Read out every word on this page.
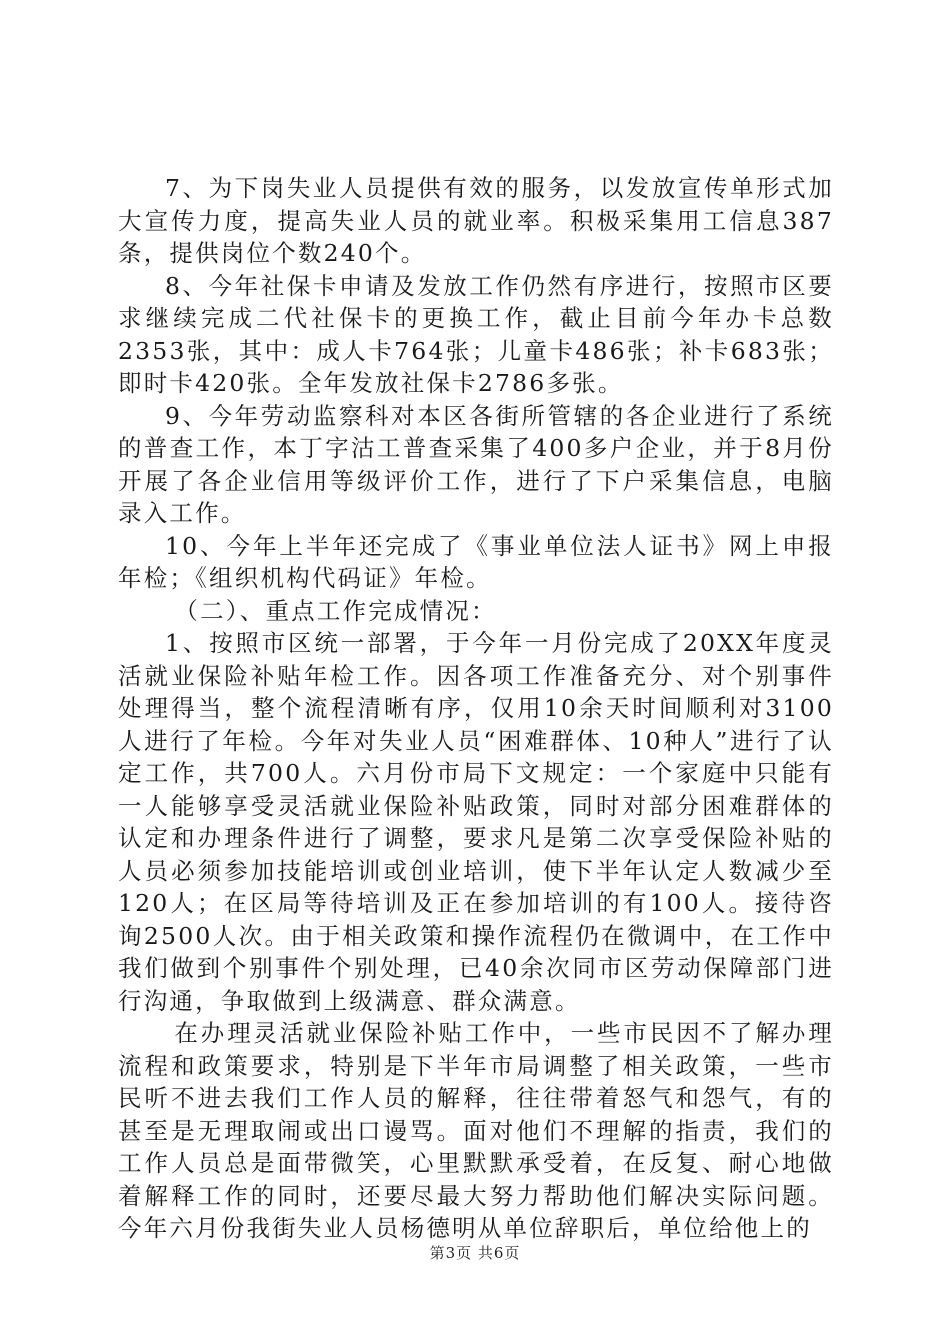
7、为下岗失业人员提供有效的服务，以发放宣传单形式加大宣传力度，提高失业人员的就业率。积极采集用工信息387条，提供岗位个数240个。

8、今年社保卡申请及发放工作仍然有序进行，按照市区要求继续完成二代社保卡的更换工作，截止目前今年办卡总数2353张，其中：成人卡764张；儿童卡486张；补卡683张；即时卡420张。全年发放社保卡2786多张。

9、今年劳动监察科对本区各街所管辖的各企业进行了系统的普查工作，本丁字沽工普查采集了400多户企业，并于8月份开展了各企业信用等级评价工作，进行了下户采集信息，电脑录入工作。

10、今年上半年还完成了《事业单位法人证书》网上申报年检；《组织机构代码证》年检。

（二）、重点工作完成情况：

1、按照市区统一部署，于今年一月份完成了20XX年度灵活就业保险补贴年检工作。因各项工作准备充分、对个别事件处理得当，整个流程清晰有序，仅用10余天时间顺利对3100人进行了年检。今年对失业人员“困难群体、10种人”进行了认定工作，共700人。六月份市局下文规定：一个家庭中只能有一人能够享受灵活就业保险补贴政策，同时对部分困难群体的认定和办理条件进行了调整，要求凡是第二次享受保险补贴的人员必须参加技能培训或创业培训，使下半年认定人数减少至120人；在区局等待培训及正在参加培训的有100人。接待咨询2500人次。由于相关政策和操作流程仍在微调中，在工作中我们做到个别事件个别处理，已40余次同市区劳动保障部门进行沟通，争取做到上级满意、群众满意。

在办理灵活就业保险补贴工作中，一些市民因不了解办理流程和政策要求，特别是下半年市局调整了相关政策，一些市民听不进去我们工作人员的解释，往往带着怒气和怨气，有的甚至是无理取闹或出口谩骂。面对他们不理解的指责，我们的工作人员总是面带微笑，心里默默承受着，在反复、耐心地做着解释工作的同时，还要尽最大努力帮助他们解决实际问题。今年六月份我街失业人员杨德明从单位辞职后，单位给他上的

第3页 共6页
